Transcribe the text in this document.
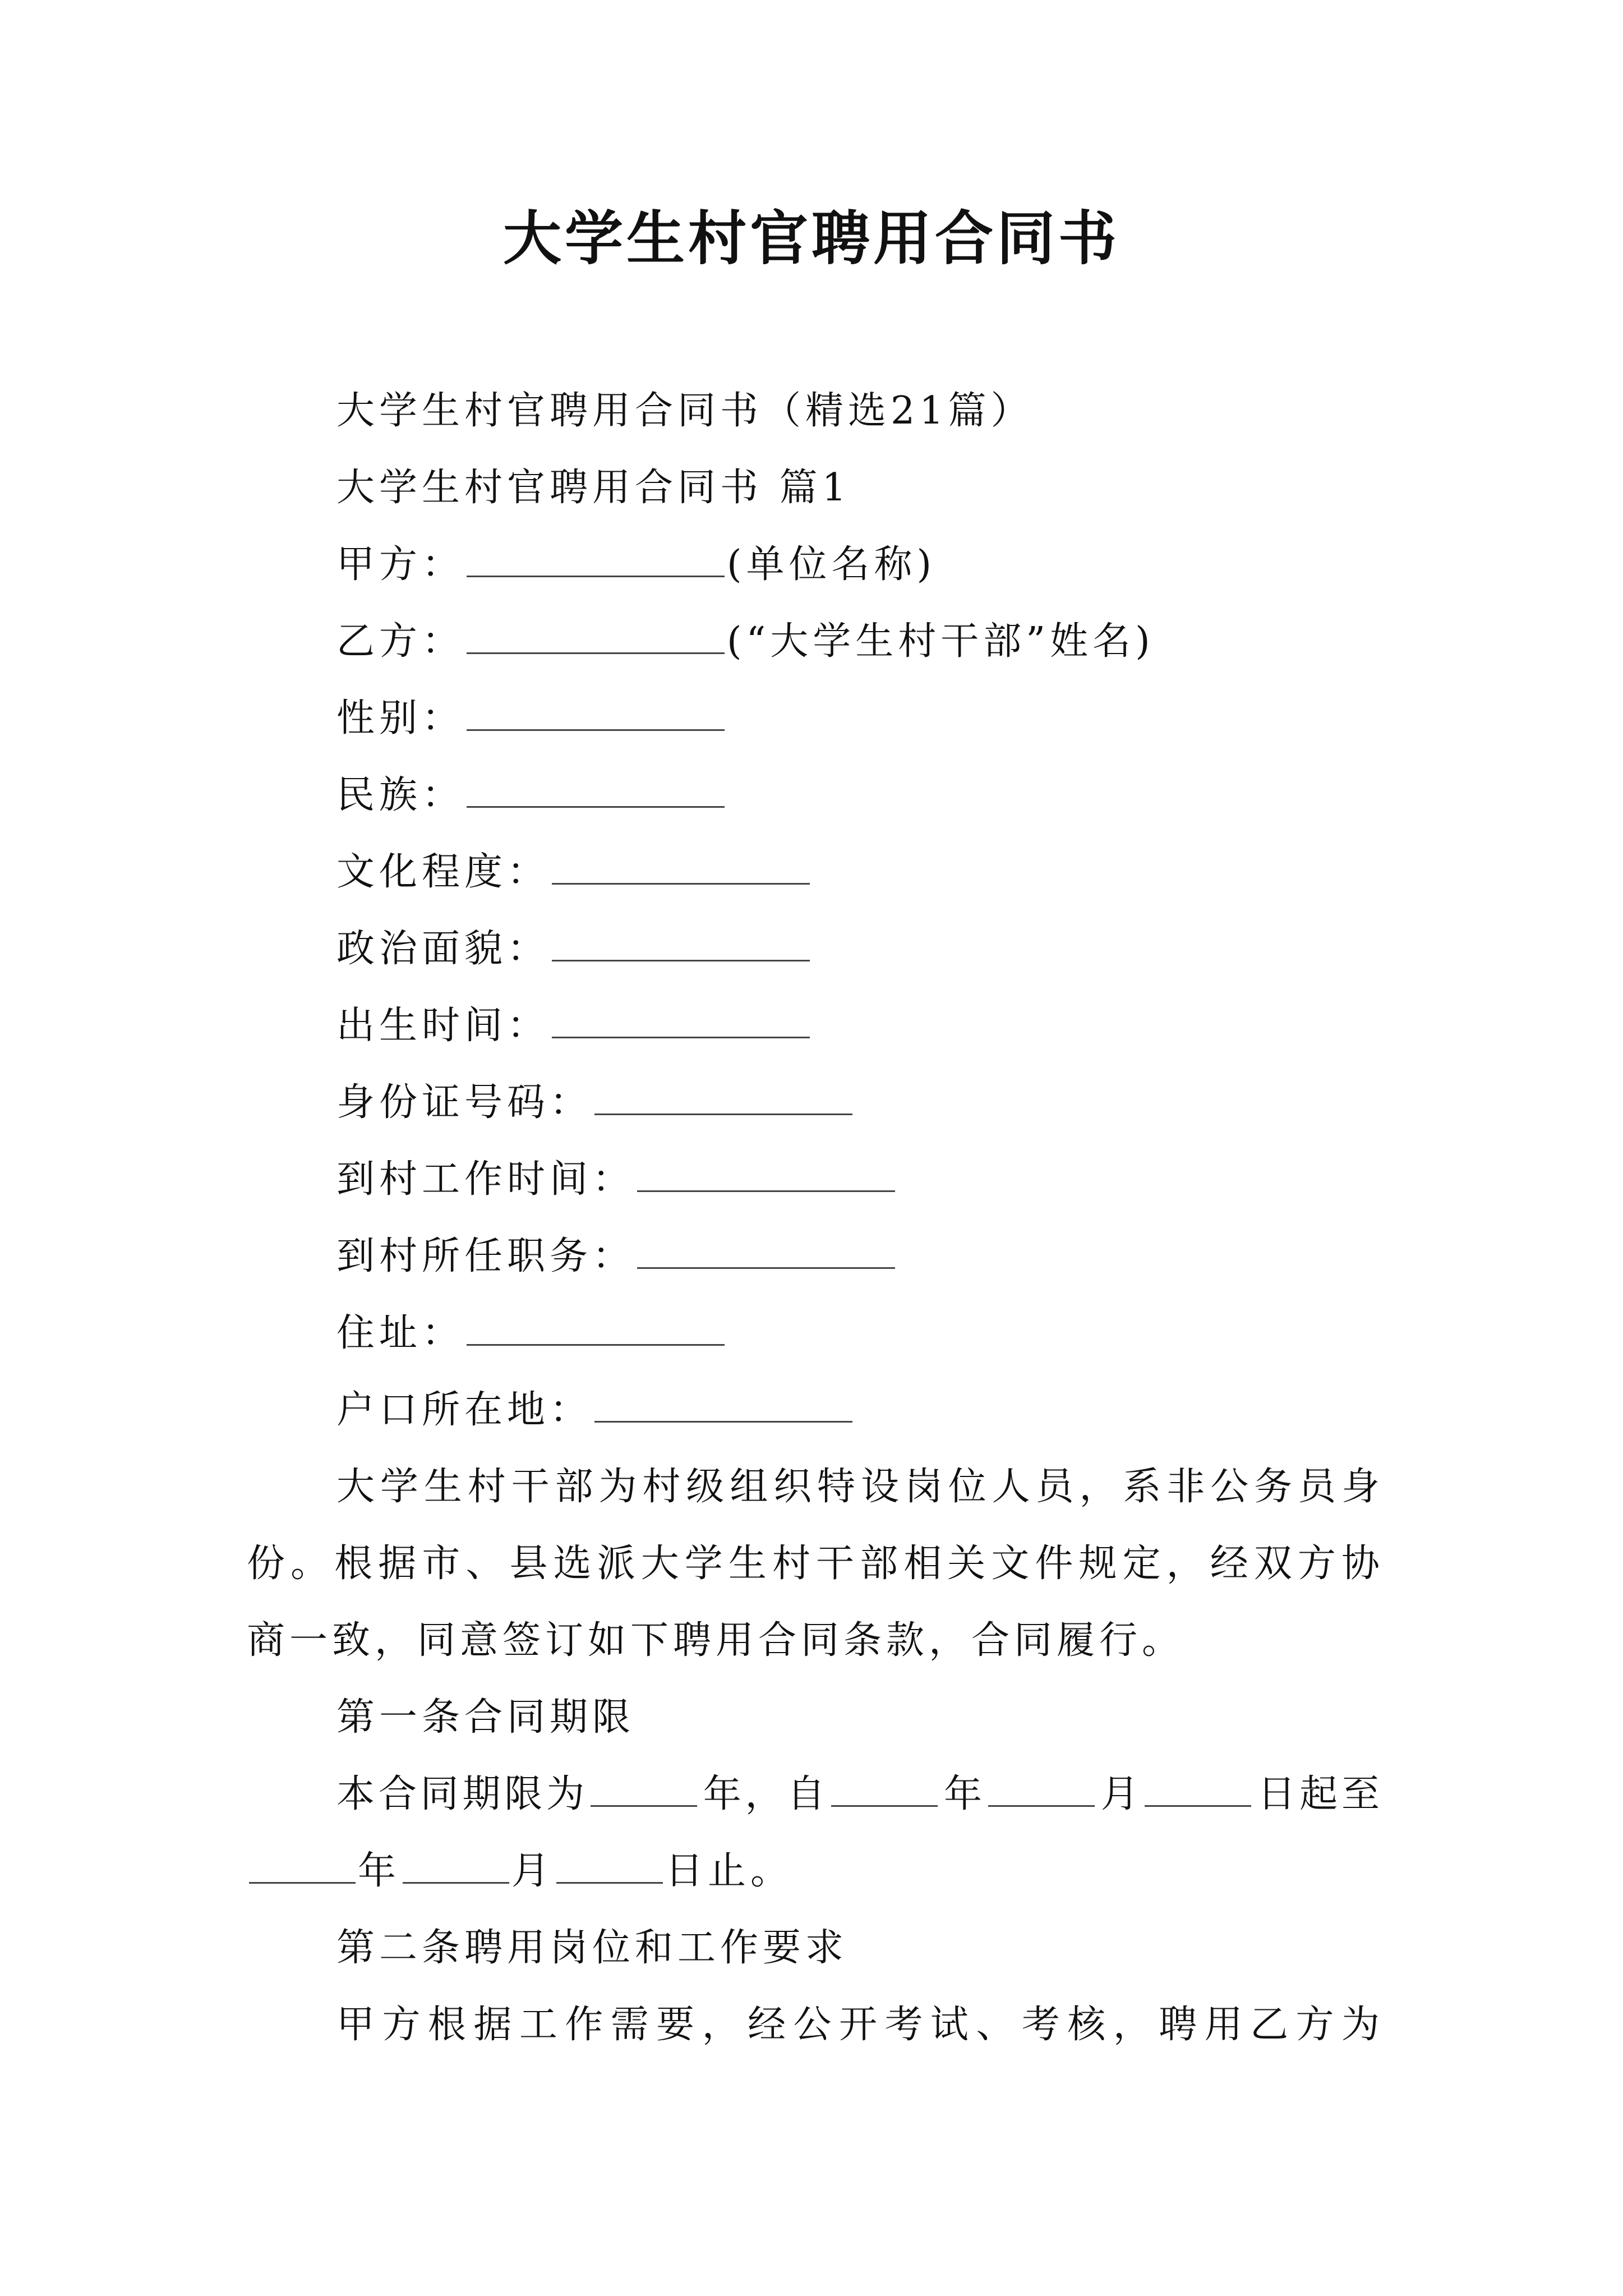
大学生村官聘用合同书
大学生村官聘用合同书（精选21篇）
大学生村官聘用合同书 篇1
甲方：	(单位名称)
乙方：	(“大学生村干部”姓名)
性别：
民族：
文化程度：
政治面貌：
出生时间：
身份证号码：
到村工作时间：
到村所任职务：
住址：
户口所在地：
大学生村干部为村级组织特设岗位人员，系非公务员身
份。根据市、县选派大学生村干部相关文件规定，经双方协
商一致，同意签订如下聘用合同条款，合同履行。
第一条合同期限
本合同期限为	年，自	年	月	日起至
年	月	日止。
第二条聘用岗位和工作要求
甲方根据工作需要，经公开考试、考核，聘用乙方为
